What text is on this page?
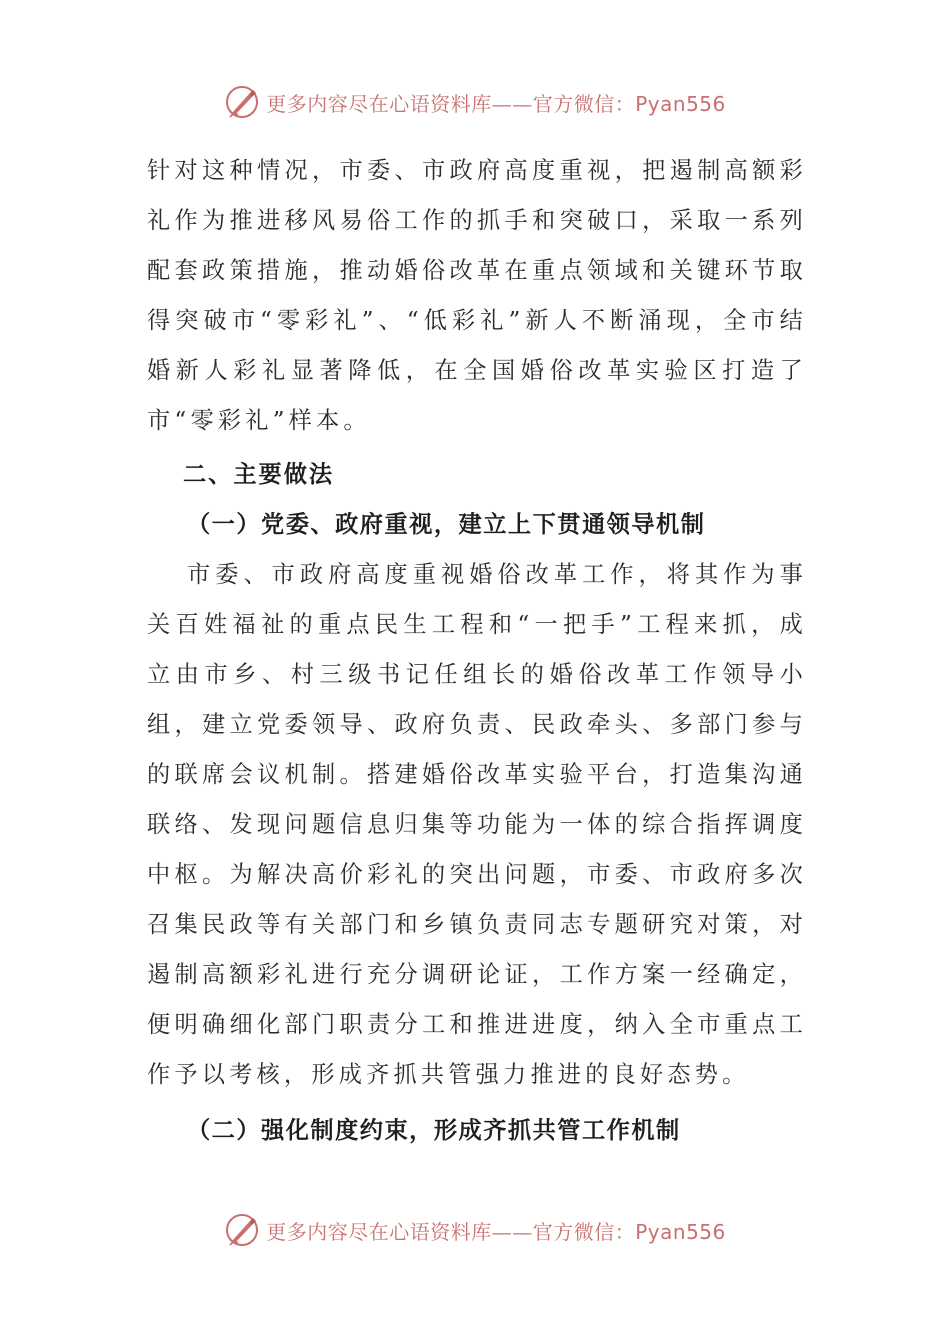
更多内容尽在心语资料库——官方微信：Pyan556

针对这种情况，市委、市政府高度重视，把遏制高额彩礼作为推进移风易俗工作的抓手和突破口，采取一系列配套政策措施，推动婚俗改革在重点领域和关键环节取得突破市“零彩礼”、“低彩礼”新人不断涌现，全市结婚新人彩礼显著降低，在全国婚俗改革实验区打造了市“零彩礼”样本。

二、主要做法

（一）党委、政府重视，建立上下贯通领导机制

市委、市政府高度重视婚俗改革工作，将其作为事关百姓福祉的重点民生工程和“一把手”工程来抓，成立由市乡、村三级书记任组长的婚俗改革工作领导小组，建立党委领导、政府负责、民政牵头、多部门参与的联席会议机制。搭建婚俗改革实验平台，打造集沟通联络、发现问题信息归集等功能为一体的综合指挥调度中枢。为解决高价彩礼的突出问题，市委、市政府多次召集民政等有关部门和乡镇负责同志专题研究对策，对遏制高额彩礼进行充分调研论证，工作方案一经确定，便明确细化部门职责分工和推进进度，纳入全市重点工作予以考核，形成齐抓共管强力推进的良好态势。

（二）强化制度约束，形成齐抓共管工作机制

更多内容尽在心语资料库——官方微信：Pyan556
